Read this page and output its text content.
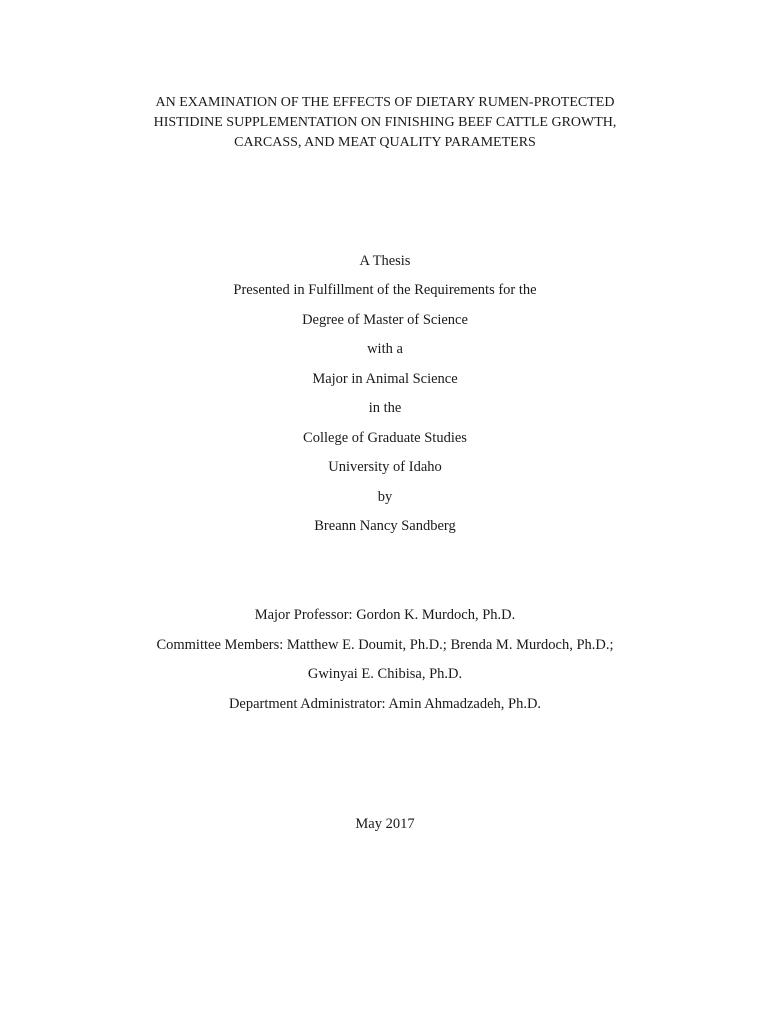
AN EXAMINATION OF THE EFFECTS OF DIETARY RUMEN-PROTECTED
HISTIDINE SUPPLEMENTATION ON FINISHING BEEF CATTLE GROWTH,
CARCASS, AND MEAT QUALITY PARAMETERS
A Thesis
Presented in Fulfillment of the Requirements for the
Degree of Master of Science
with a
Major in Animal Science
in the
College of Graduate Studies
University of Idaho
by
Breann Nancy Sandberg
Major Professor: Gordon K. Murdoch, Ph.D.
Committee Members: Matthew E. Doumit, Ph.D.; Brenda M. Murdoch, Ph.D.;
Gwinyai E. Chibisa, Ph.D.
Department Administrator: Amin Ahmadzadeh, Ph.D.
May 2017
